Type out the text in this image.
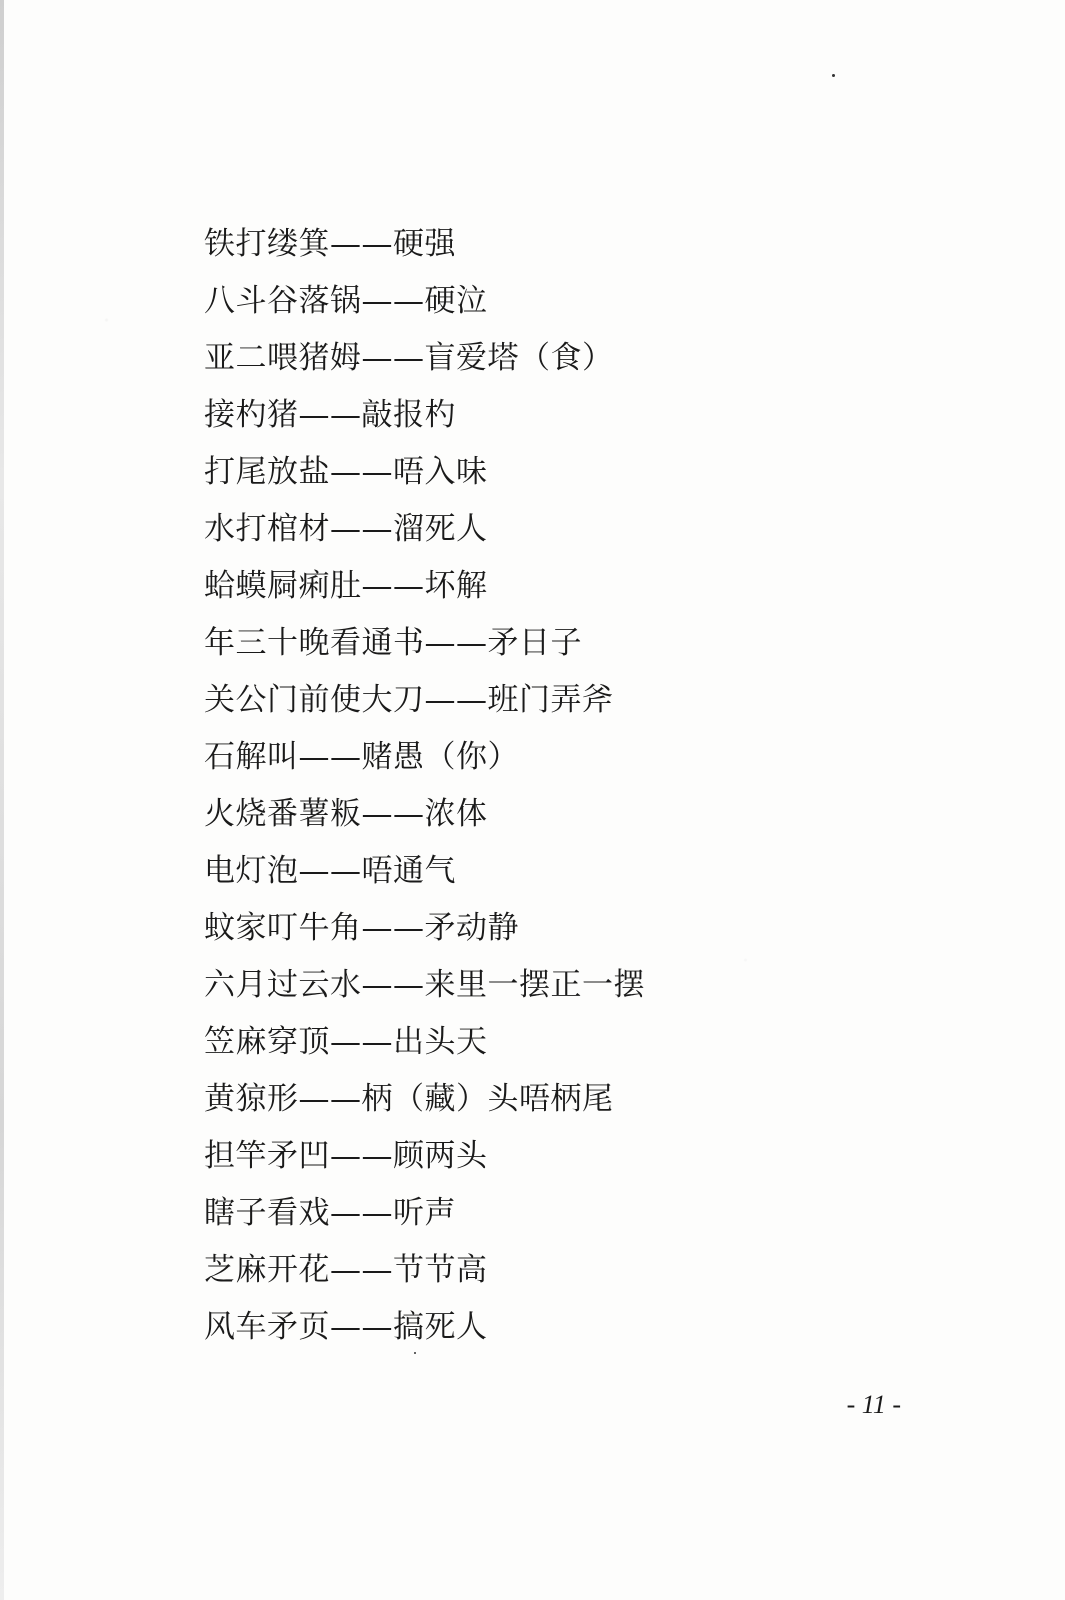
铁打缕箕——硬强
八斗谷落锅——硬泣
亚二喂猪姆——盲爱塔（食）
接杓猪——敲报杓
打尾放盐——唔入味
水打棺材——溜死人
蛤蟆屙痢肚——坏解
年三十晚看通书——矛日子
关公门前使大刀——班门弄斧
石解叫——赌愚（你）
火烧番薯粄——浓体
电灯泡——唔通气
蚊家叮牛角——矛动静
六月过云水——来里一摆正一摆
笠麻穿顶——出头天
黄猄形——柄（藏）头唔柄尾
担竿矛凹——顾两头
瞎子看戏——听声
芝麻开花——节节高
风车矛页——搞死人
- 11 -
